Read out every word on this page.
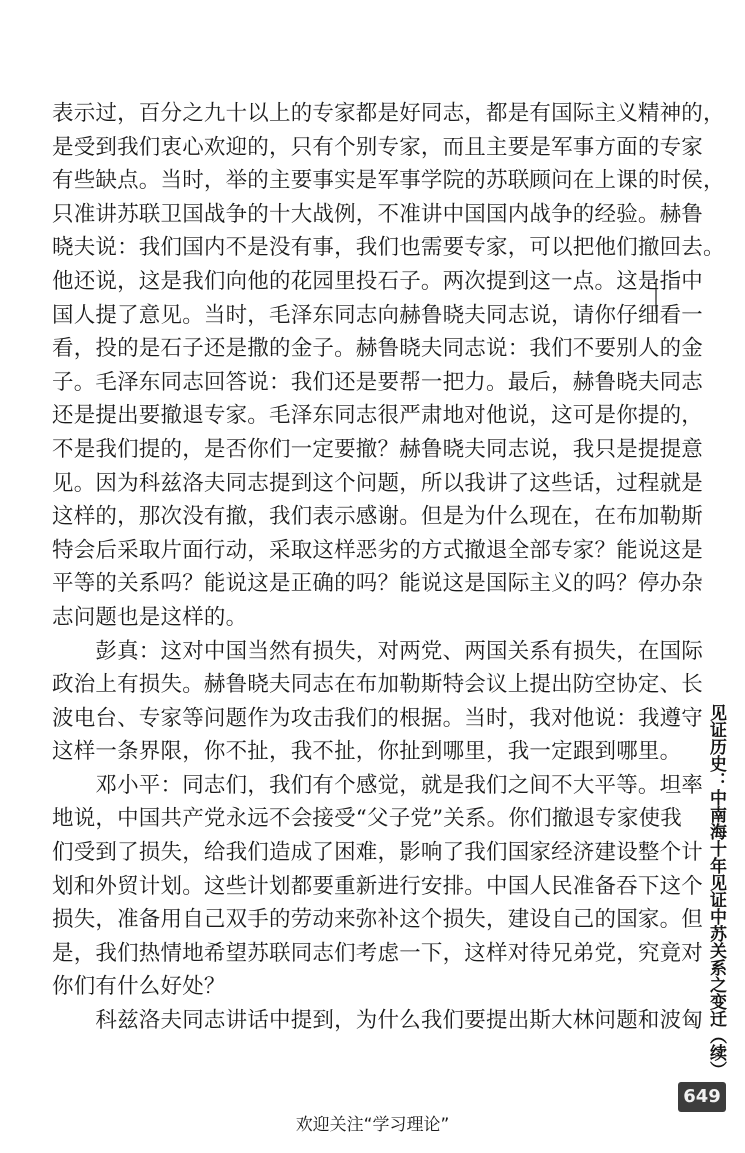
表示过，百分之九十以上的专家都是好同志，都是有国际主义精神的，
是受到我们衷心欢迎的，只有个别专家，而且主要是军事方面的专家
有些缺点。当时，举的主要事实是军事学院的苏联顾问在上课的时侯，
只准讲苏联卫国战争的十大战例，不准讲中国国内战争的经验。赫鲁
晓夫说：我们国内不是没有事，我们也需要专家，可以把他们撤回去。
他还说，这是我们向他的花园里投石子。两次提到这一点。这是指中
国人提了意见。当时，毛泽东同志向赫鲁晓夫同志说，请你仔细看一
看，投的是石子还是撒的金子。赫鲁晓夫同志说：我们不要别人的金
子。毛泽东同志回答说：我们还是要帮一把力。最后，赫鲁晓夫同志
还是提出要撤退专家。毛泽东同志很严肃地对他说，这可是你提的，
不是我们提的，是否你们一定要撤？赫鲁晓夫同志说，我只是提提意
见。因为科兹洛夫同志提到这个问题，所以我讲了这些话，过程就是
这样的，那次没有撤，我们表示感谢。但是为什么现在，在布加勒斯
特会后采取片面行动，采取这样恶劣的方式撤退全部专家？能说这是
平等的关系吗？能说这是正确的吗？能说这是国际主义的吗？停办杂
志问题也是这样的。
　　彭真：这对中国当然有损失，对两党、两国关系有损失，在国际
政治上有损失。赫鲁晓夫同志在布加勒斯特会议上提出防空协定、长
波电台、专家等问题作为攻击我们的根据。当时，我对他说：我遵守
这样一条界限，你不扯，我不扯，你扯到哪里，我一定跟到哪里。
　　邓小平：同志们，我们有个感觉，就是我们之间不大平等。坦率
地说，中国共产党永远不会接受“父子党”关系。你们撤退专家使我
们受到了损失，给我们造成了困难，影响了我们国家经济建设整个计
划和外贸计划。这些计划都要重新进行安排。中国人民准备吞下这个
损失，准备用自己双手的劳动来弥补这个损失，建设自己的国家。但
是，我们热情地希望苏联同志们考虑一下，这样对待兄弟党，究竟对
你们有什么好处？
　　科兹洛夫同志讲话中提到，为什么我们要提出斯大林问题和波匈 见证历史：中南海十年见证中苏关系之变迁（续）
649
欢迎关注“学习理论”
